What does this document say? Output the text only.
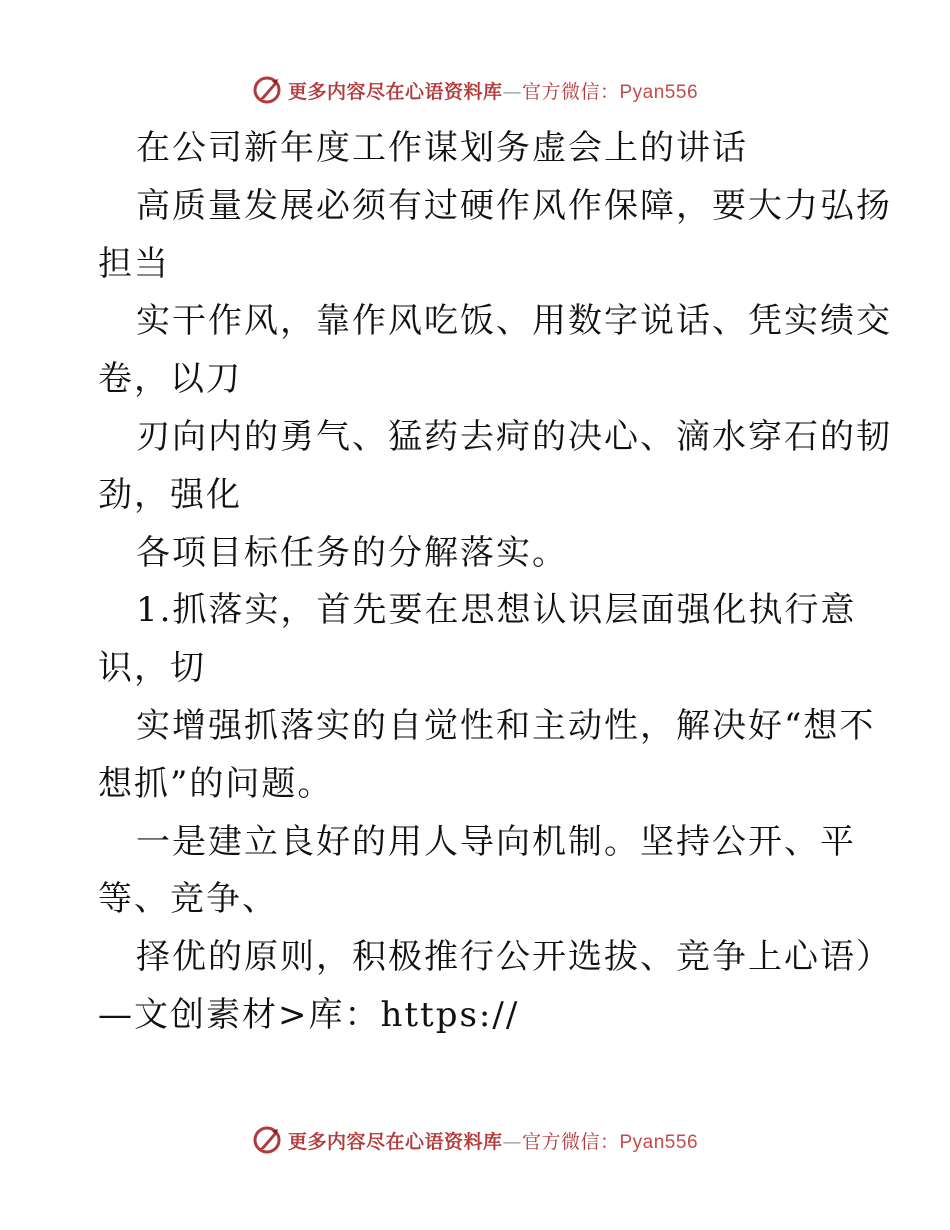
更多内容尽在心语资料库—官方微信：Pyan556
在公司新年度工作谋划务虚会上的讲话
高质量发展必须有过硬作风作保障，要大力弘扬
担当
实干作风，靠作风吃饭、用数字说话、凭实绩交
卷，以刀
刃向内的勇气、猛药去疴的决心、滴水穿石的韧
劲，强化
各项目标任务的分解落实。
1.抓落实，首先要在思想认识层面强化执行意
识，切
实增强抓落实的自觉性和主动性，解决好“想不
想抓”的问题。
一是建立良好的用人导向机制。坚持公开、平
等、竞争、
择优的原则，积极推行公开选拔、竞争上心语）
—文创素材>库：https://
更多内容尽在心语资料库—官方微信：Pyan556
